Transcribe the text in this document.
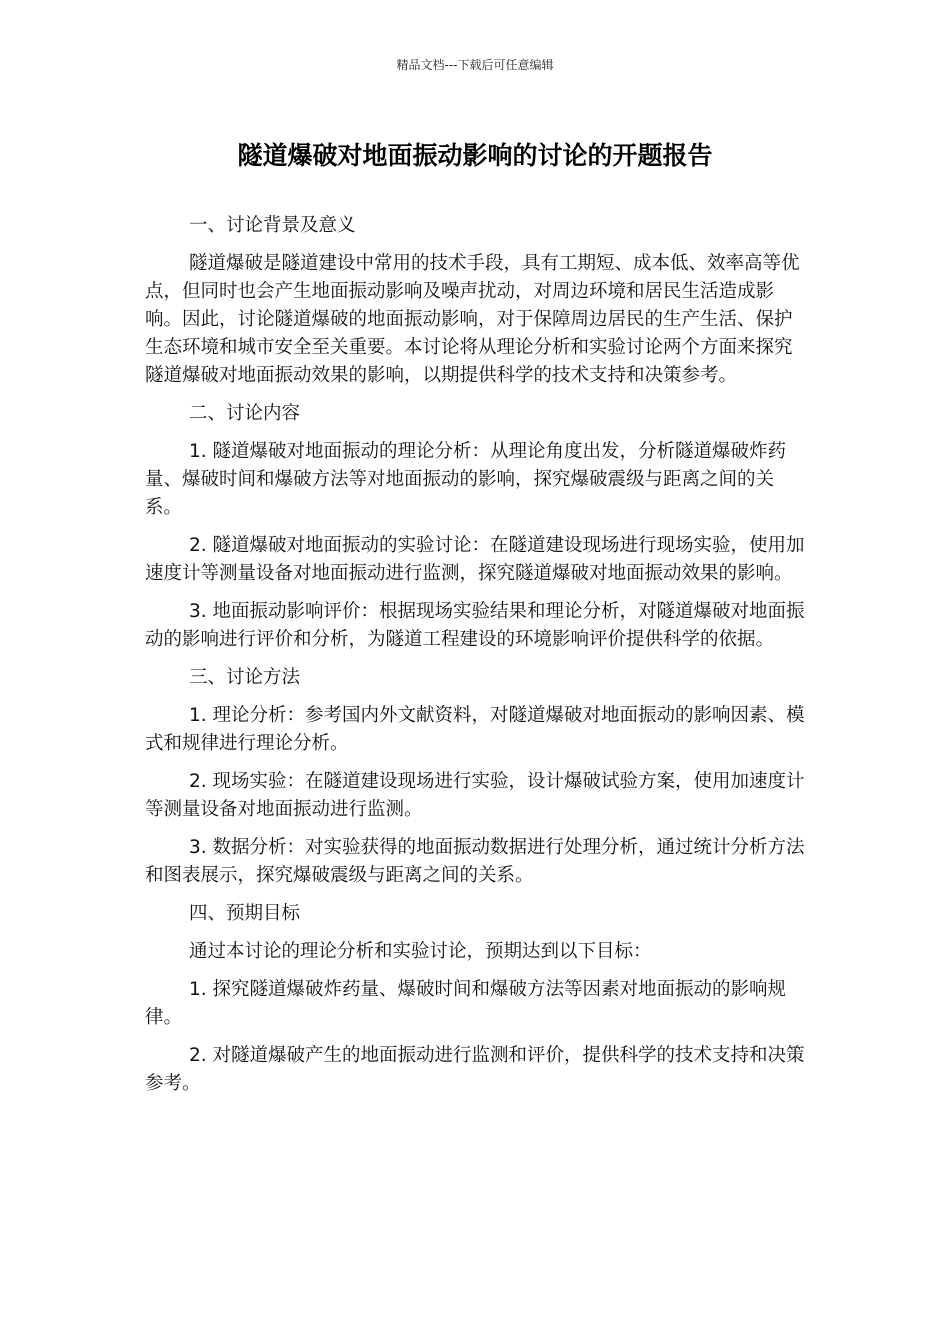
精品文档---下载后可任意编辑
隧道爆破对地面振动影响的讨论的开题报告

一、讨论背景及意义

隧道爆破是隧道建设中常用的技术手段，具有工期短、成本低、效率高等优点，但同时也会产生地面振动影响及噪声扰动，对周边环境和居民生活造成影响。因此，讨论隧道爆破的地面振动影响，对于保障周边居民的生产生活、保护生态环境和城市安全至关重要。本讨论将从理论分析和实验讨论两个方面来探究隧道爆破对地面振动效果的影响，以期提供科学的技术支持和决策参考。

二、讨论内容

1. 隧道爆破对地面振动的理论分析：从理论角度出发，分析隧道爆破炸药量、爆破时间和爆破方法等对地面振动的影响，探究爆破震级与距离之间的关系。

2. 隧道爆破对地面振动的实验讨论：在隧道建设现场进行现场实验，使用加速度计等测量设备对地面振动进行监测，探究隧道爆破对地面振动效果的影响。

3. 地面振动影响评价：根据现场实验结果和理论分析，对隧道爆破对地面振动的影响进行评价和分析，为隧道工程建设的环境影响评价提供科学的依据。

三、讨论方法

1. 理论分析：参考国内外文献资料，对隧道爆破对地面振动的影响因素、模式和规律进行理论分析。

2. 现场实验：在隧道建设现场进行实验，设计爆破试验方案，使用加速度计等测量设备对地面振动进行监测。

3. 数据分析：对实验获得的地面振动数据进行处理分析，通过统计分析方法和图表展示，探究爆破震级与距离之间的关系。

四、预期目标

通过本讨论的理论分析和实验讨论，预期达到以下目标：

1. 探究隧道爆破炸药量、爆破时间和爆破方法等因素对地面振动的影响规律。

2. 对隧道爆破产生的地面振动进行监测和评价，提供科学的技术支持和决策参考。
